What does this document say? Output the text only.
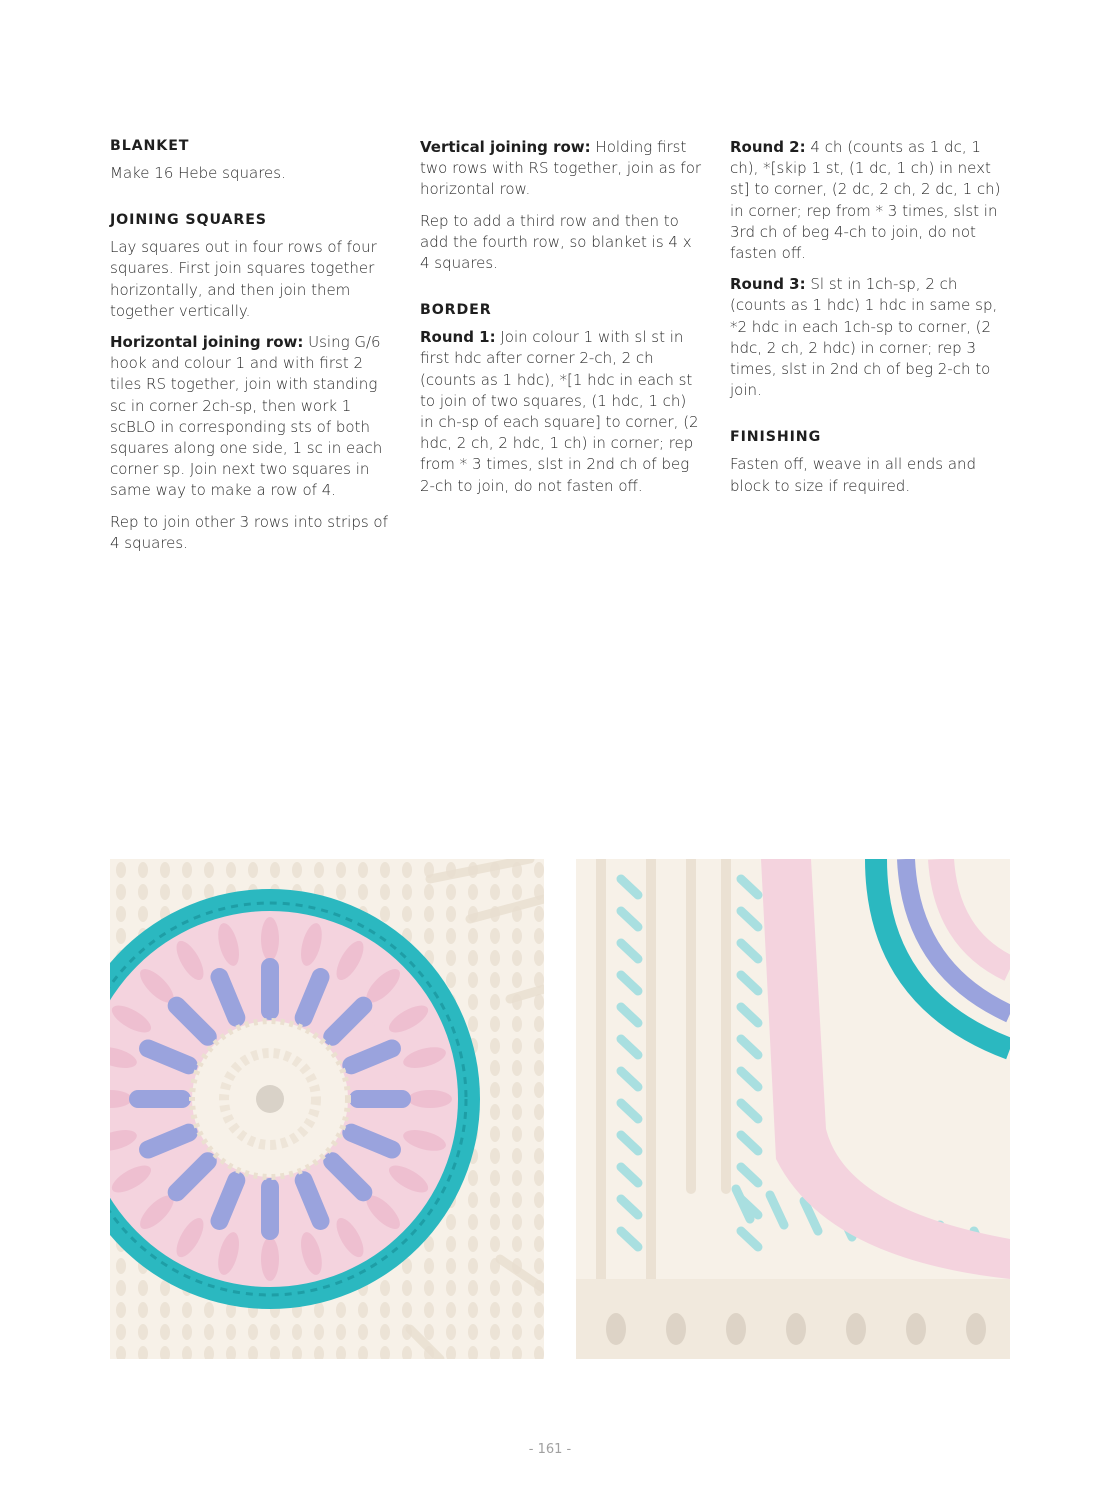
BLANKET

Make 16 Hebe squares.

JOINING SQUARES

Lay squares out in four rows of four squares. First join squares together horizontally, and then join them together vertically.

Horizontal joining row: Using G/6 hook and colour 1 and with first 2 tiles RS together, join with standing sc in corner 2ch-sp, then work 1 scBLO in corresponding sts of both squares along one side, 1 sc in each corner sp. Join next two squares in same way to make a row of 4.

Rep to join other 3 rows into strips of 4 squares.

Vertical joining row: Holding first two rows with RS together, join as for horizontal row.

Rep to add a third row and then to add the fourth row, so blanket is 4 x 4 squares.

BORDER

Round 1: Join colour 1 with sl st in first hdc after corner 2-ch, 2 ch (counts as 1 hdc), *[1 hdc in each st to join of two squares, (1 hdc, 1 ch) in ch-sp of each square] to corner, (2 hdc, 2 ch, 2 hdc, 1 ch) in corner; rep from * 3 times, slst in 2nd ch of beg 2-ch to join, do not fasten off.

Round 2: 4 ch (counts as 1 dc, 1 ch), *[skip 1 st, (1 dc, 1 ch) in next st] to corner, (2 dc, 2 ch, 2 dc, 1 ch) in corner; rep from * 3 times, slst in 3rd ch of beg 4-ch to join, do not fasten off.

Round 3: Sl st in 1ch-sp, 2 ch (counts as 1 hdc) 1 hdc in same sp, *2 hdc in each 1ch-sp to corner, (2 hdc, 2 ch, 2 hdc) in corner; rep 3 times, slst in 2nd ch of beg 2-ch to join.

FINISHING

Fasten off, weave in all ends and block to size if required.

- 161 -
